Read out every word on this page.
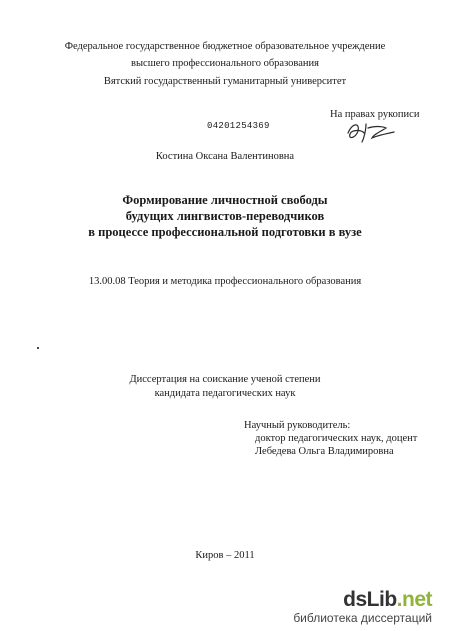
Федеральное государственное бюджетное образовательное учреждение
высшего профессионального образования
Вятский государственный гуманитарный университет
На правах рукописи
04201254369
Костина Оксана Валентиновна
Формирование личностной свободы
будущих лингвистов-переводчиков
в процессе профессиональной подготовки в вузе
13.00.08 Теория и методика профессионального образования
Диссертация на соискание ученой степени
кандидата педагогических наук
Научный руководитель:
доктор педагогических наук, доцент
Лебедева Ольга Владимировна
Киров – 2011
dsLib.net
библиотека диссертаций
